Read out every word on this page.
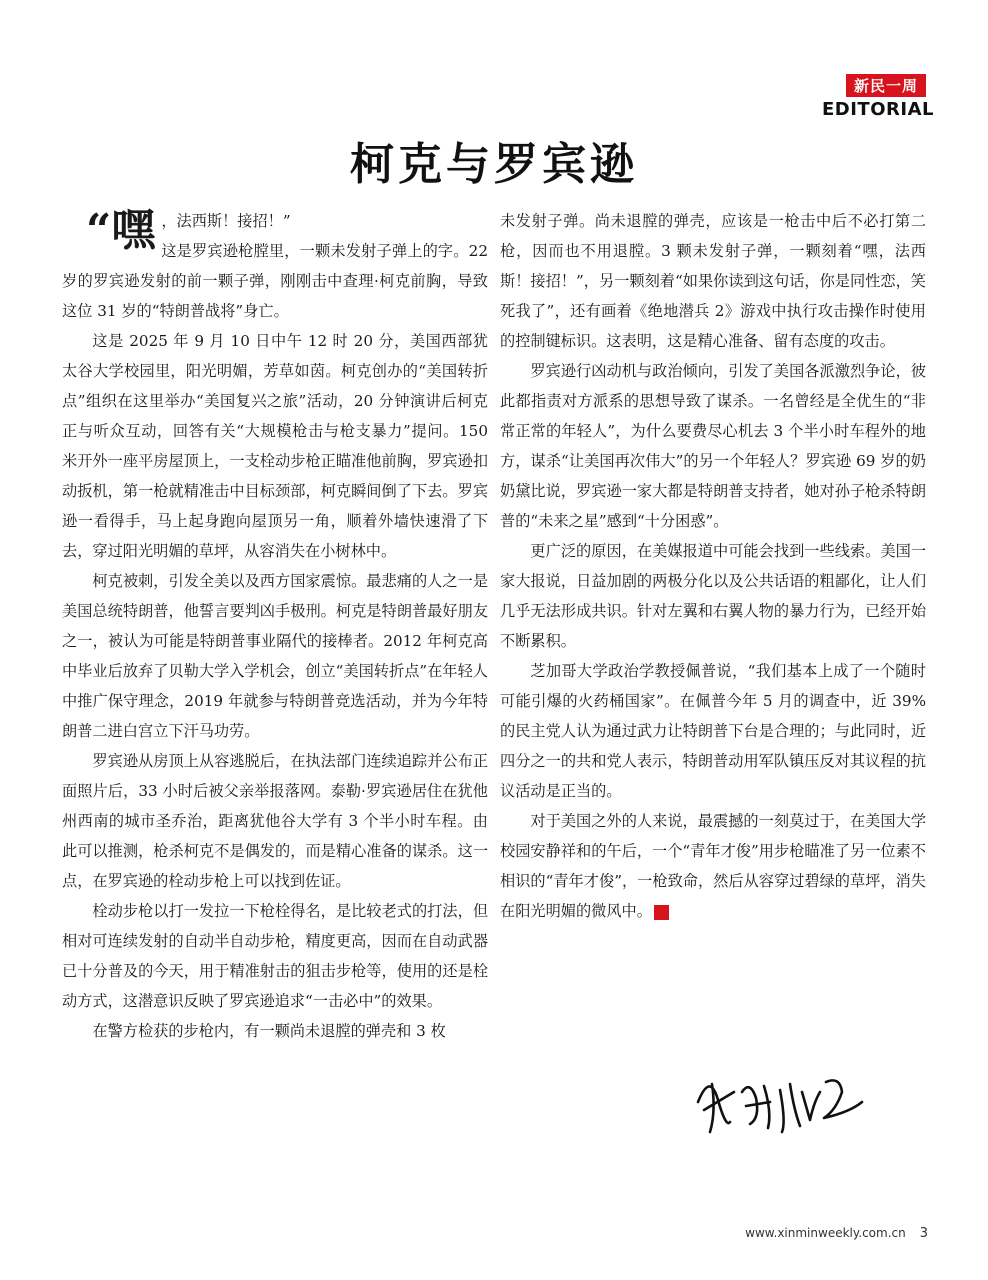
新民一周
EDITORIAL
柯克与罗宾逊

“嘿 ，法西斯！接招！”
这是罗宾逊枪膛里，一颗未发射子弹上的字。22 岁的罗宾逊发射的前一颗子弹，刚刚击中查理·柯克前胸，导致这位 31 岁的“特朗普战将”身亡。

这是 2025 年 9 月 10 日中午 12 时 20 分，美国西部犹太谷大学校园里，阳光明媚，芳草如茵。柯克创办的“美国转折点”组织在这里举办“美国复兴之旅”活动，20 分钟演讲后柯克正与听众互动，回答有关“大规模枪击与枪支暴力”提问。150 米开外一座平房屋顶上，一支栓动步枪正瞄准他前胸，罗宾逊扣动扳机，第一枪就精准击中目标颈部，柯克瞬间倒了下去。罗宾逊一看得手，马上起身跑向屋顶另一角，顺着外墙快速滑了下去，穿过阳光明媚的草坪，从容消失在小树林中。

柯克被刺，引发全美以及西方国家震惊。最悲痛的人之一是美国总统特朗普，他誓言要判凶手极刑。柯克是特朗普最好朋友之一，被认为可能是特朗普事业隔代的接棒者。2012 年柯克高中毕业后放弃了贝勒大学入学机会，创立“美国转折点”在年轻人中推广保守理念，2019 年就参与特朗普竞选活动，并为今年特朗普二进白宫立下汗马功劳。

罗宾逊从房顶上从容逃脱后，在执法部门连续追踪并公布正面照片后，33 小时后被父亲举报落网。泰勒·罗宾逊居住在犹他州西南的城市圣乔治，距离犹他谷大学有 3 个半小时车程。由此可以推测，枪杀柯克不是偶发的，而是精心准备的谋杀。这一点，在罗宾逊的栓动步枪上可以找到佐证。

栓动步枪以打一发拉一下枪栓得名，是比较老式的打法，但相对可连续发射的自动半自动步枪，精度更高，因而在自动武器已十分普及的今天，用于精准射击的狙击步枪等，使用的还是栓动方式，这潜意识反映了罗宾逊追求“一击必中”的效果。

在警方检获的步枪内，有一颗尚未退膛的弹壳和 3 枚

未发射子弹。尚未退膛的弹壳，应该是一枪击中后不必打第二枪，因而也不用退膛。3 颗未发射子弹，一颗刻着“嘿，法西斯！接招！”，另一颗刻着“如果你读到这句话，你是同性恋，笑死我了”，还有画着《绝地潜兵 2》游戏中执行攻击操作时使用的控制键标识。这表明，这是精心准备、留有态度的攻击。

罗宾逊行凶动机与政治倾向，引发了美国各派激烈争论，彼此都指责对方派系的思想导致了谋杀。一名曾经是全优生的“非常正常的年轻人”，为什么要费尽心机去 3 个半小时车程外的地方，谋杀“让美国再次伟大”的另一个年轻人？罗宾逊 69 岁的奶奶黛比说，罗宾逊一家大都是特朗普支持者，她对孙子枪杀特朗普的“未来之星”感到“十分困惑”。

更广泛的原因，在美媒报道中可能会找到一些线索。美国一家大报说，日益加剧的两极分化以及公共话语的粗鄙化，让人们几乎无法形成共识。针对左翼和右翼人物的暴力行为，已经开始不断累积。

芝加哥大学政治学教授佩普说，“我们基本上成了一个随时可能引爆的火药桶国家”。在佩普今年 5 月的调查中，近 39% 的民主党人认为通过武力让特朗普下台是合理的；与此同时，近四分之一的共和党人表示，特朗普动用军队镇压反对其议程的抗议活动是正当的。

对于美国之外的人来说，最震撼的一刻莫过于，在美国大学校园安静祥和的午后，一个“青年才俊”用步枪瞄准了另一位素不相识的“青年才俊”，一枪致命，然后从容穿过碧绿的草坪，消失在阳光明媚的微风中。	民

www.xinminweekly.com.cn 3
